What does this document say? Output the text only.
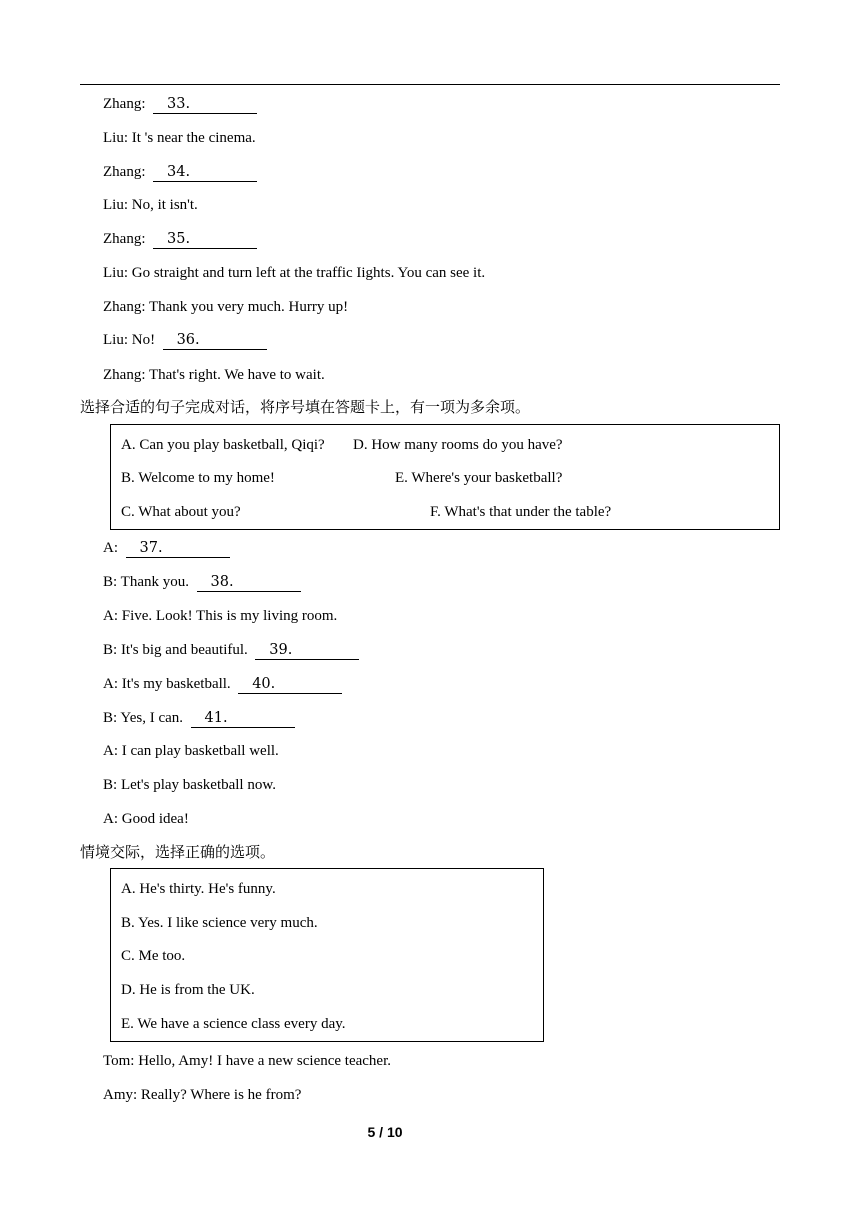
Zhang: 33.
Liu: It 's near the cinema.
Zhang: 34.
Liu: No, it isn't.
Zhang: 35.
Liu: Go straight and turn left at the traffic Iights. You can see it.
Zhang: Thank you very much. Hurry up!
Liu: No! 36.
Zhang: That's right. We have to wait.
选择合适的句子完成对话，将序号填在答题卡上，有一项为多余项。
A. Can you play basketball, Qiqi? D. How many rooms do you have?
B. Welcome to my home!	E. Where's your basketball?
C. What about you?	F. What's that under the table?
A: 37.
B: Thank you. 38.
A: Five. Look! This is my living room.
B: It's big and beautiful. 39.
A: It's my basketball. 40.
B: Yes, I can. 41.
A: I can play basketball well.
B: Let's play basketball now.
A: Good idea!
情境交际，选择正确的选项。
A. He's thirty. He's funny.
B. Yes. I like science very much.
C. Me too.
D. He is from the UK.
E. We have a science class every day.
Tom: Hello, Amy! I have a new science teacher.
Amy: Really? Where is he from?
5 / 10
